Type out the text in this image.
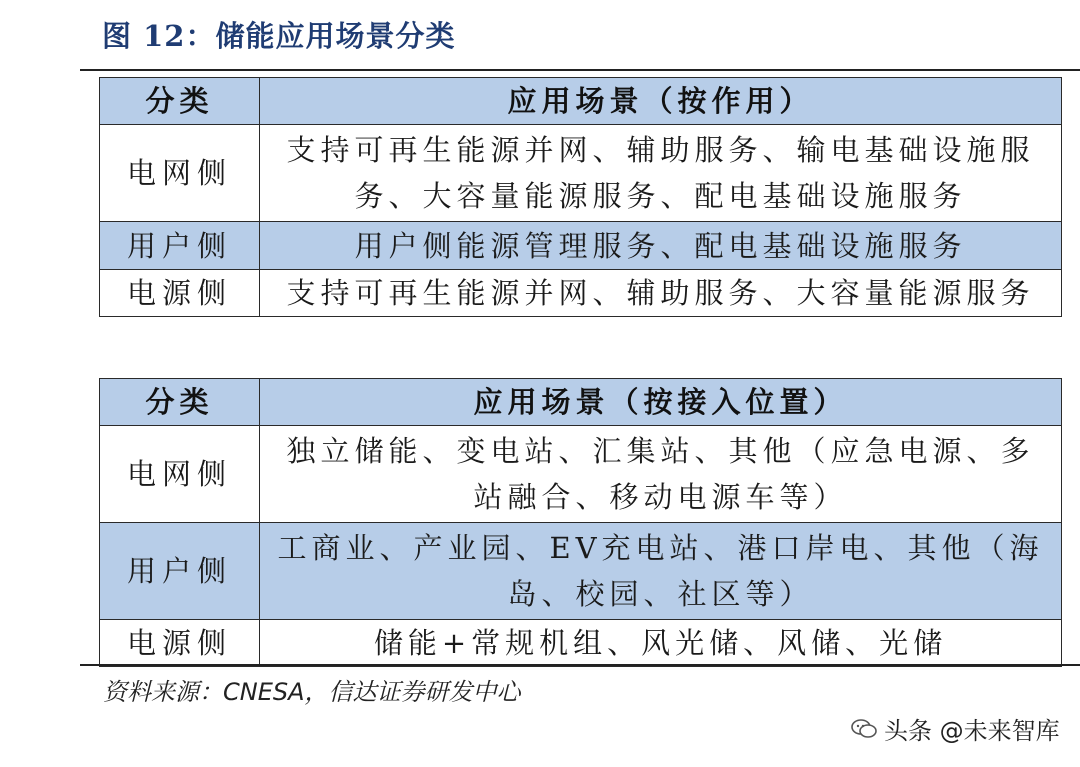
图 12：储能应用场景分类
分类	应用场景（按作用）
电网侧	支持可再生能源并网、辅助服务、输电基础设施服务、大容量能源服务、配电基础设施服务
用户侧	用户侧能源管理服务、配电基础设施服务
电源侧	支持可再生能源并网、辅助服务、大容量能源服务
分类	应用场景（按接入位置）
电网侧	独立储能、变电站、汇集站、其他（应急电源、多站融合、移动电源车等）
用户侧	工商业、产业园、EV充电站、港口岸电、其他（海岛、校园、社区等）
电源侧	储能+常规机组、风光储、风储、光储
资料来源：CNESA，信达证券研发中心
头条 @未来智库
